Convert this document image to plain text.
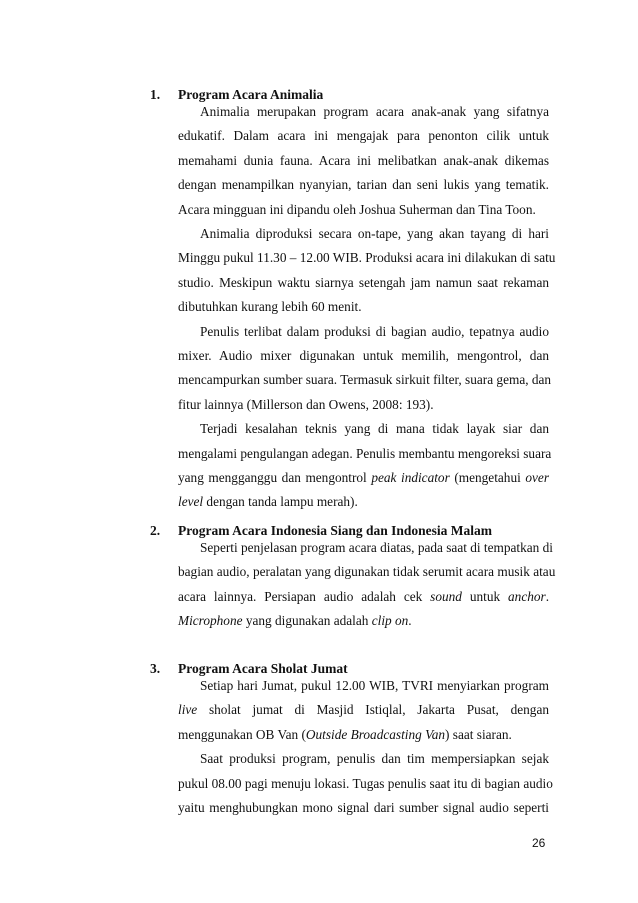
1. Program Acara Animalia
Animalia merupakan program acara anak-anak yang sifatnya
edukatif. Dalam acara ini mengajak para penonton cilik untuk
memahami dunia fauna. Acara ini melibatkan anak-anak dikemas
dengan menampilkan nyanyian, tarian dan seni lukis yang tematik.
Acara mingguan ini dipandu oleh Joshua Suherman dan Tina Toon.
Animalia diproduksi secara on-tape, yang akan tayang di hari
Minggu pukul 11.30 – 12.00 WIB. Produksi acara ini dilakukan di satu
studio. Meskipun waktu siarnya setengah jam namun saat rekaman
dibutuhkan kurang lebih 60 menit.
Penulis terlibat dalam produksi di bagian audio, tepatnya audio
mixer. Audio mixer digunakan untuk memilih, mengontrol, dan
mencampurkan sumber suara. Termasuk sirkuit filter, suara gema, dan
fitur lainnya (Millerson dan Owens, 2008: 193).
Terjadi kesalahan teknis yang di mana tidak layak siar dan
mengalami pengulangan adegan. Penulis membantu mengoreksi suara
yang mengganggu dan mengontrol peak indicator (mengetahui over
level dengan tanda lampu merah).
2. Program Acara Indonesia Siang dan Indonesia Malam
Seperti penjelasan program acara diatas, pada saat di tempatkan di
bagian audio, peralatan yang digunakan tidak serumit acara musik atau
acara lainnya. Persiapan audio adalah cek sound untuk anchor.
Microphone yang digunakan adalah clip on.
3. Program Acara Sholat Jumat
Setiap hari Jumat, pukul 12.00 WIB, TVRI menyiarkan program
live sholat jumat di Masjid Istiqlal, Jakarta Pusat, dengan
menggunakan OB Van (Outside Broadcasting Van) saat siaran.
Saat produksi program, penulis dan tim mempersiapkan sejak
pukul 08.00 pagi menuju lokasi. Tugas penulis saat itu di bagian audio
yaitu menghubungkan mono signal dari sumber signal audio seperti
26
